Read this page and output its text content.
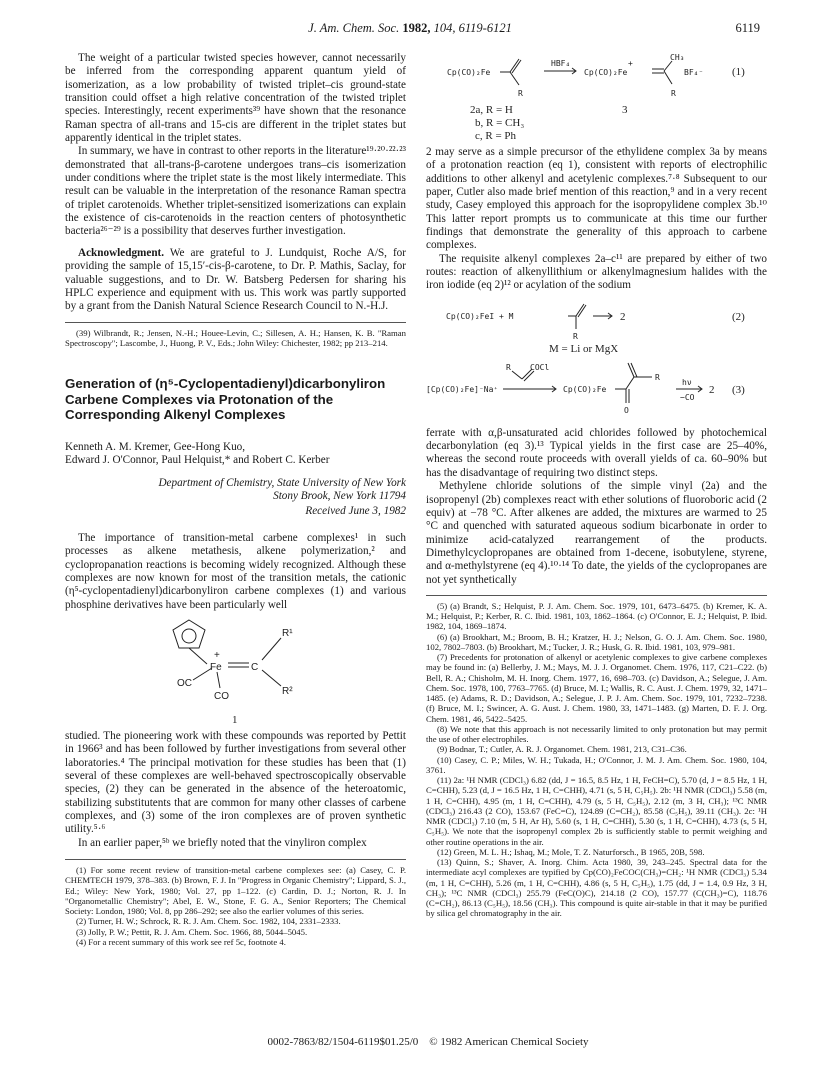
J. Am. Chem. Soc. 1982, 104, 6119-6121	6119

The weight of a particular twisted species however, cannot necessarily be inferred from the corresponding apparent quantum yield of isomerization, as a low probability of twisted triplet–cis ground-state transition could offset a high relative concentration of the twisted triplet species. Interestingly, recent experiments³⁹ have shown that the resonance Raman spectra of all-trans and 15-cis are different in the triplet states but apparently identical in the triplet states.

In summary, we have in contrast to other reports in the literature¹⁹·²⁰·²²·²³ demonstrated that all-trans-β-carotene undergoes trans–cis isomerization under conditions where the triplet state is the most likely intermediate. This result can be valuable in the interpretation of the resonance Raman spectra of triplet carotenoids. Whether triplet-sensitized isomerizations can explain the existence of cis-carotenoids in the reaction centers of photosynthetic bacteria²⁶⁻²⁹ is a possibility that deserves further investigation.

Acknowledgment. We are grateful to J. Lundquist, Roche A/S, for providing the sample of 15,15′-cis-β-carotene, to Dr. P. Mathis, Saclay, for valuable suggestions, and to Dr. W. Batsberg Pedersen for sharing his HPLC experience and equipment with us. This work was partly supported by a grant from the Danish Natural Science Research Council to N.-H.J.

(39) Wilbrandt, R.; Jensen, N.-H.; Houee-Levin, C.; Sillesen, A. H.; Hansen, K. B. "Raman Spectroscopy"; Lascombe, J., Huong, P. V., Eds.; John Wiley: Chichester, 1982; pp 213–214.

Generation of (η⁵-Cyclopentadienyl)dicarbonyliron Carbene Complexes via Protonation of the Corresponding Alkenyl Complexes

Kenneth A. M. Kremer, Gee-Hong Kuo,

Edward J. O'Connor, Paul Helquist,* and Robert C. Kerber

Department of Chemistry, State University of New York

Stony Brook, New York 11794

Received June 3, 1982

The importance of transition-metal carbene complexes¹ in such processes as alkene metathesis, alkene polymerization,² and cyclopropanation reactions is becoming widely recognized. Although these complexes are now known for most of the transition metals, the cationic (η⁵-cyclopentadienyl)dicarbonyliron carbene complexes (1) and various phosphine derivatives have been particularly well

+
Fe	C
R¹
R²
OC
CO
1

studied. The pioneering work with these compounds was reported by Pettit in 1966³ and has been followed by further investigations from several other laboratories.⁴ The principal motivation for these studies has been that (1) several of these complexes are well-behaved spectroscopically observable species, (2) they can be generated in the absence of the heteroatomic, stabilizing substitutents that are common for many other classes of carbene complexes, and (3) some of the iron complexes are of proven synthetic utility.⁵·⁶

In an earlier paper,⁵ᵇ we briefly noted that the vinyliron complex

(1) For some recent review of transition-metal carbene complexes see: (a) Casey, C. P. CHEMTECH 1979, 378–383. (b) Brown, F. J. In "Progress in Organic Chemistry"; Lippard, S. J., Ed.; Wiley: New York, 1980; Vol. 27, pp 1–122. (c) Cardin, D. J.; Norton, R. J. In "Organometallic Chemistry"; Abel, E. W., Stone, F. G. A., Senior Reporters; The Chemical Society: London, 1980; Vol. 8, pp 286–292; see also the earlier volumes of this series.

(2) Turner, H. W.; Schrock, R. R. J. Am. Chem. Soc. 1982, 104, 2331–2333.

(3) Jolly, P. W.; Pettit, R. J. Am. Chem. Soc. 1966, 88, 5044–5045.

(4) For a recent summary of this work see ref 5c, footnote 4.

Cp(CO)₂Fe
HBF₄
Cp(CO)₂Fe
+
CH₃
BF₄⁻
R	R
(1)
2a, R = H
b, R = CH₃
c, R = Ph
3

2 may serve as a simple precursor of the ethylidene complex 3a by means of a protonation reaction (eq 1), consistent with reports of electrophilic additions to other alkenyl and acetylenic complexes.⁷·⁸ Subsequent to our paper, Cutler also made brief mention of this reaction,⁹ and in a very recent study, Casey employed this approach for the isopropylidene complex 3b.¹⁰ This latter report prompts us to communicate at this time our further findings that demonstrate the generality of this approach to carbene complexes.

The requisite alkenyl complexes 2a–c¹¹ are prepared by either of two routes: reaction of alkenyllithium or alkenylmagnesium halides with the iron iodide (eq 2)¹² or acylation of the sodium

Cp(CO)₂FeI + M
R
2	(2)
M = Li or MgX
[Cp(CO)₂Fe]⁻Na⁺
R COCl
Cp(CO)₂Fe
R
O
hν
−CO
2 (3)

ferrate with α,β-unsaturated acid chlorides followed by photochemical decarbonylation (eq 3).¹³ Typical yields in the first case are 25–40%, whereas the second route proceeds with overall yields of ca. 60–90% but has the disadvantage of requiring two distinct steps.

Methylene chloride solutions of the simple vinyl (2a) and the isopropenyl (2b) complexes react with ether solutions of fluoroboric acid (2 equiv) at −78 °C. After alkenes are added, the mixtures are warmed to 25 °C and quenched with saturated aqueous sodium bicarbonate in order to minimize acid-catalyzed rearrangement of the products. Dimethylcyclopropanes are obtained from 1-decene, isobutylene, styrene, and α-methylstyrene (eq 4).¹⁰·¹⁴ To date, the yields of the cyclopropanes are not yet synthetically

(5) (a) Brandt, S.; Helquist, P. J. Am. Chem. Soc. 1979, 101, 6473–6475. (b) Kremer, K. A. M.; Helquist, P.; Kerber, R. C. Ibid. 1981, 103, 1862–1864. (c) O'Connor, E. J.; Helquist, P. Ibid. 1982, 104, 1869–1874.

(6) (a) Brookhart, M.; Broom, B. H.; Kratzer, H. J.; Nelson, G. O. J. Am. Chem. Soc. 1980, 102, 7802–7803. (b) Brookhart, M.; Tucker, J. R.; Husk, G. R. Ibid. 1981, 103, 979–981.

(7) Precedents for protonation of alkenyl or acetylenic complexes to give carbene complexes may be found in: (a) Bellerby, J. M.; Mays, M. J. J. Organomet. Chem. 1976, 117, C21–C22. (b) Bell, R. A.; Chisholm, M. H. Inorg. Chem. 1977, 16, 698–703. (c) Davidson, A.; Selegue, J. Am. Chem. Soc. 1978, 100, 7763–7765. (d) Bruce, M. I.; Wallis, R. C. Aust. J. Chem. 1979, 32, 1471–1485. (e) Adams, R. D.; Davidson, A.; Selegue, J. P. J. Am. Chem. Soc. 1979, 101, 7232–7238. (f) Bruce, M. I.; Swincer, A. G. Aust. J. Chem. 1980, 33, 1471–1483. (g) Marten, D. F. J. Org. Chem. 1981, 46, 5422–5425.

(8) We note that this approach is not necessarily limited to only protonation but may permit the use of other electrophiles.

(9) Bodnar, T.; Cutler, A. R. J. Organomet. Chem. 1981, 213, C31–C36.

(10) Casey, C. P.; Miles, W. H.; Tukada, H.; O'Connor, J. M. J. Am. Chem. Soc. 1980, 104, 3761.

(11) 2a: ¹H NMR (CDCl₃) 6.82 (dd, J = 16.5, 8.5 Hz, 1 H, FeCH=C), 5.70 (d, J = 8.5 Hz, 1 H, C=CHH), 5.23 (d, J = 16.5 Hz, 1 H, C=CHH), 4.71 (s, 5 H, C₅H₅). 2b: ¹H NMR (CDCl₃) 5.58 (m, 1 H, C=CHH), 4.95 (m, 1 H, C=CHH), 4.79 (s, 5 H, C₅H₅), 2.12 (m, 3 H, CH₃); ¹³C NMR (CDCl₃) 216.43 (2 CO), 153.67 (FeC=C), 124.89 (C=CH₂), 85.58 (C₅H₅), 39.11 (CH₃). 2c: ¹H NMR (CDCl₃) 7.10 (m, 5 H, Ar H), 5.60 (s, 1 H, C=CHH), 5.30 (s, 1 H, C=CHH), 4.73 (s, 5 H, C₅H₅). We note that the isopropenyl complex 2b is sufficiently stable to permit weighing and other routine operations in the air.

(12) Green, M. L. H.; Ishaq, M.; Mole, T. Z. Naturforsch., B 1965, 20B, 598.

(13) Quinn, S.; Shaver, A. Inorg. Chim. Acta 1980, 39, 243–245. Spectral data for the intermediate acyl complexes are typified by Cp(CO)₂FeCOC(CH₃)=CH₂: ¹H NMR (CDCl₃) 5.34 (m, 1 H, C=CHH), 5.26 (m, 1 H, C=CHH), 4.86 (s, 5 H, C₅H₅), 1.75 (dd, J = 1.4, 0.9 Hz, 3 H, CH₃); ¹³C NMR (CDCl₃) 255.79 (FeC(O)C), 214.18 (2 CO), 157.77 (C(CH₃)=C), 118.76 (C=CH₂), 86.13 (C₅H₅), 18.56 (CH₃). This compound is quite air-stable in that it may be purified by silica gel chromatography in the air.

0002-7863/82/1504-6119$01.25/0 © 1982 American Chemical Society
